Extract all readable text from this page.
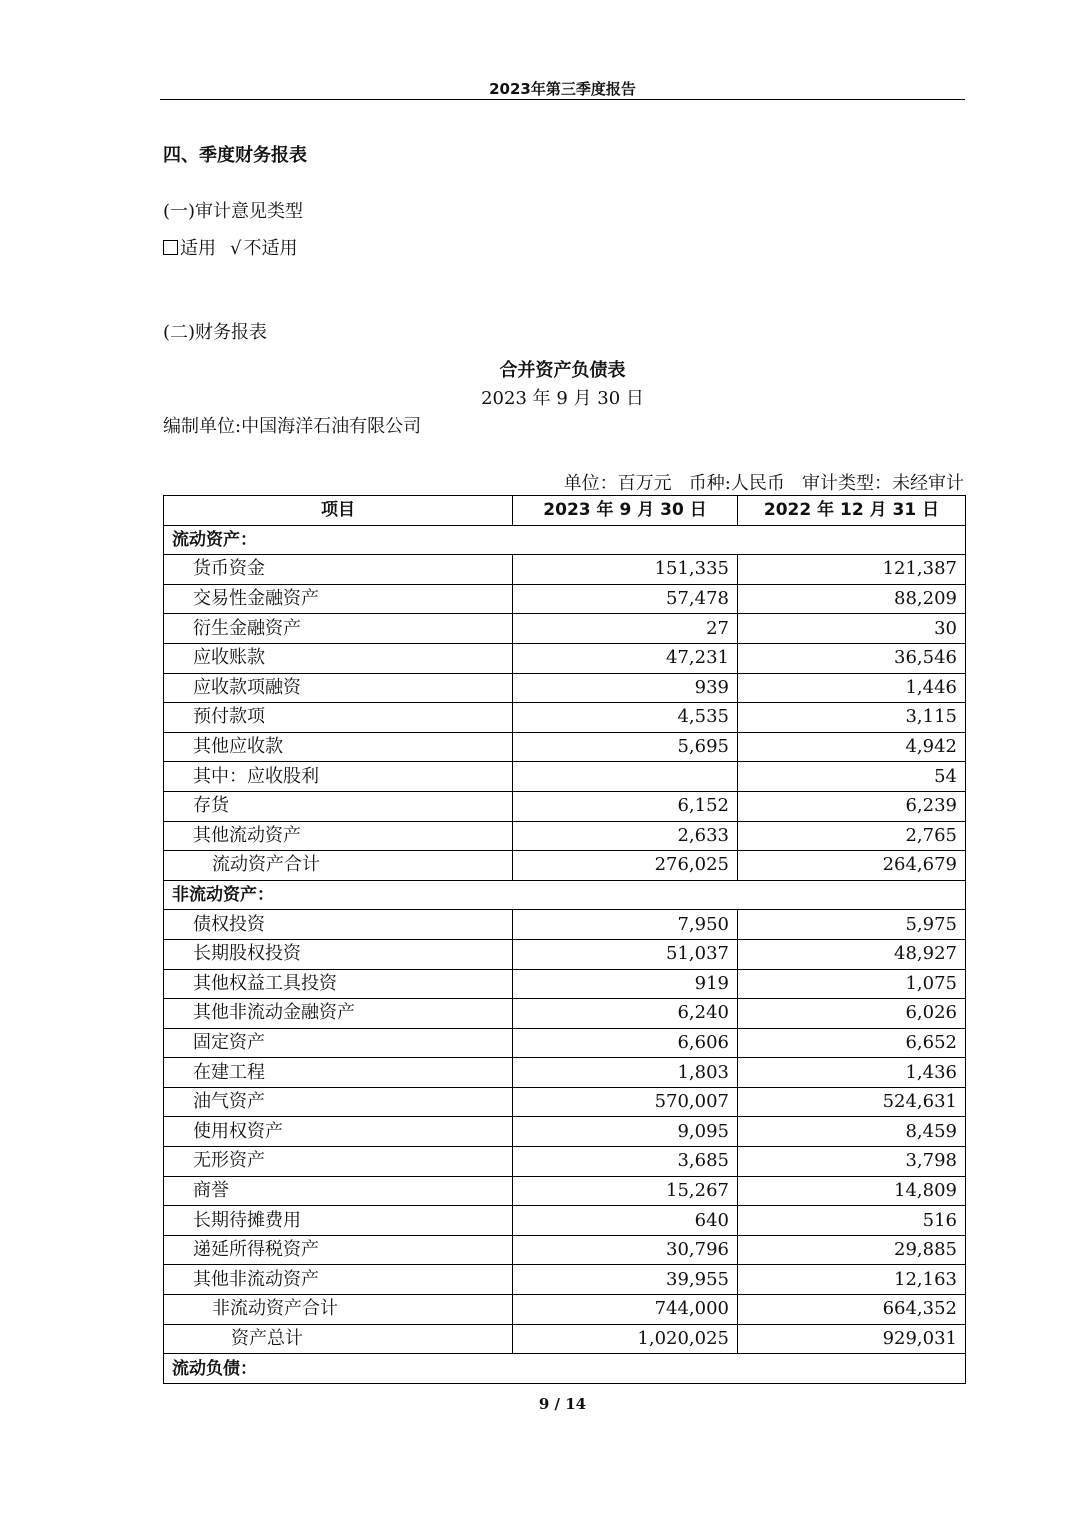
2023年第三季度报告
四、季度财务报表
(一)审计意见类型
适用 √ 不适用
(二)财务报表
合并资产负债表
2023 年 9 月 30 日
编制单位:中国海洋石油有限公司
单位：百万元   币种:人民币   审计类型：未经审计
项目	2023 年 9 月 30 日	2022 年 12 月 31 日
流动资产：		
货币资金	151,335	121,387
交易性金融资产	57,478	88,209
衍生金融资产	27	30
应收账款	47,231	36,546
应收款项融资	939	1,446
预付款项	4,535	3,115
其他应收款	5,695	4,942
其中：应收股利		54
存货	6,152	6,239
其他流动资产	2,633	2,765
流动资产合计	276,025	264,679
非流动资产：		
债权投资	7,950	5,975
长期股权投资	51,037	48,927
其他权益工具投资	919	1,075
其他非流动金融资产	6,240	6,026
固定资产	6,606	6,652
在建工程	1,803	1,436
油气资产	570,007	524,631
使用权资产	9,095	8,459
无形资产	3,685	3,798
商誉	15,267	14,809
长期待摊费用	640	516
递延所得税资产	30,796	29,885
其他非流动资产	39,955	12,163
非流动资产合计	744,000	664,352
资产总计	1,020,025	929,031
流动负债：		
9 / 14
